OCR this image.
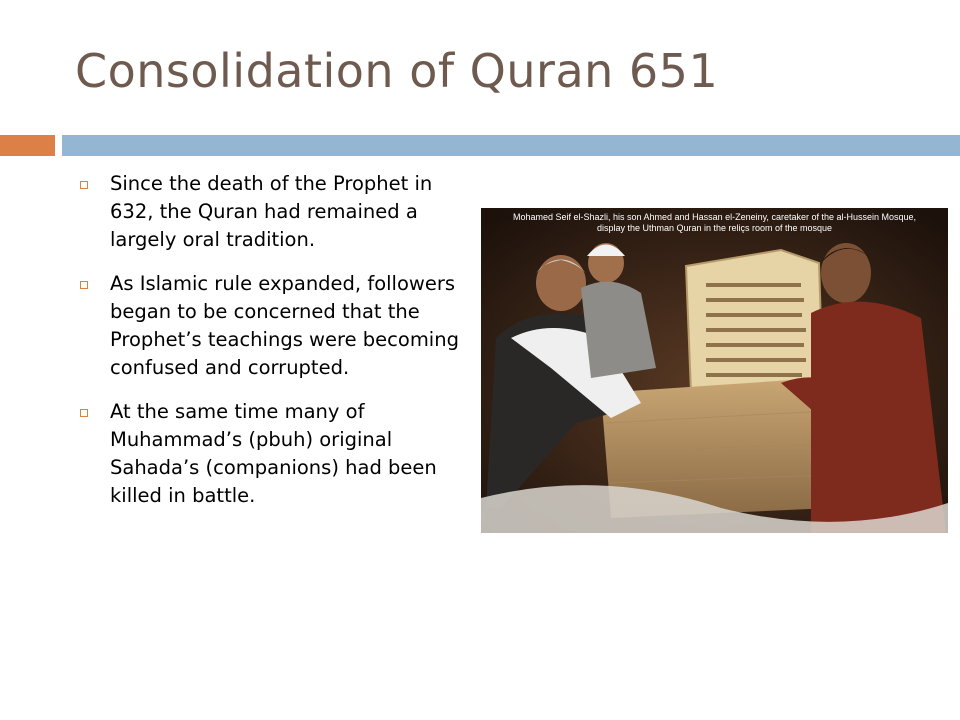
Consolidation of Quran 651
Since the death of the Prophet in 632, the Quran had remained a largely oral tradition.
As Islamic rule expanded, followers began to be concerned that the Prophet’s teachings were becoming confused and corrupted.
At the same time many of Muhammad’s (pbuh) original Sahada’s (companions) had been killed in battle.
Mohamed Seif el-Shazli, his son Ahmed and Hassan el-Zeneiny, caretaker of the al-Hussein Mosque,
display the Uthman Quran in the reliçs room of the mosque
